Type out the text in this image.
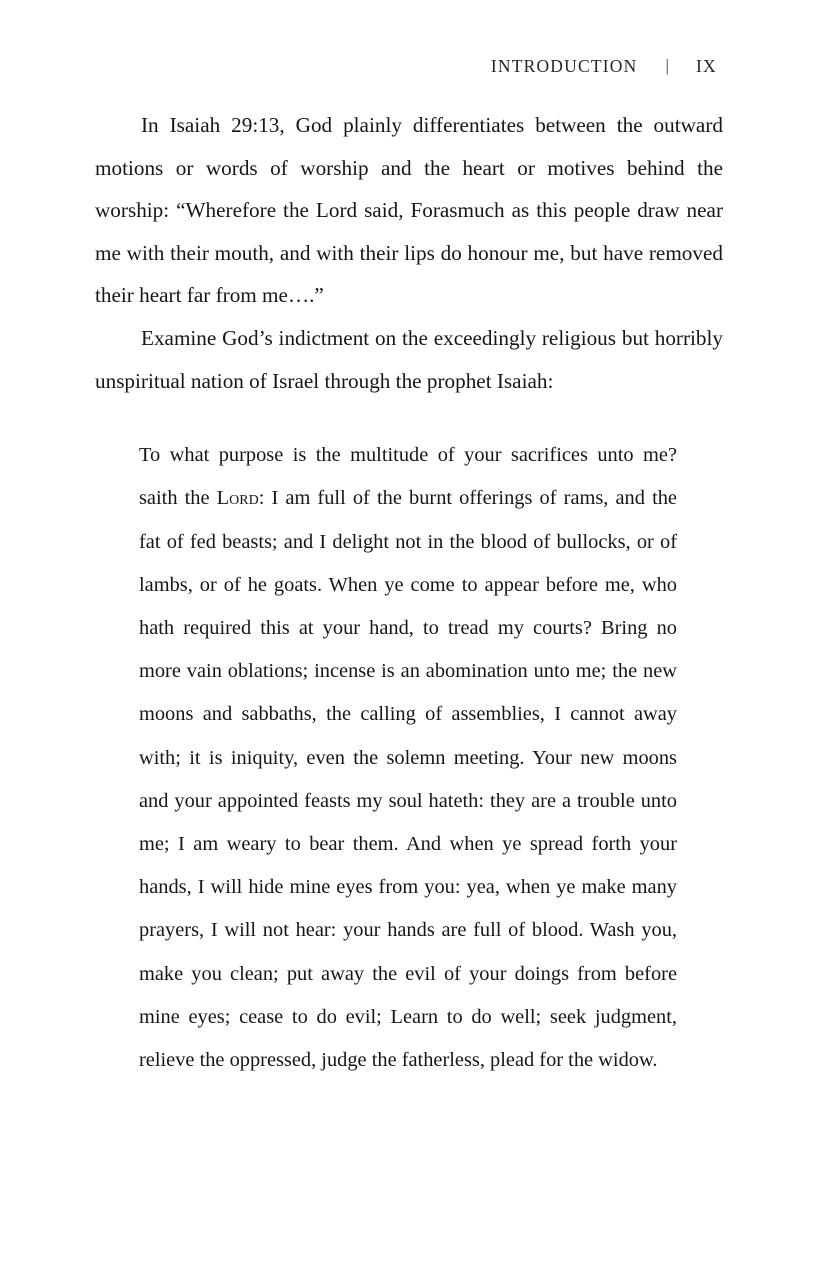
INTRODUCTION | IX

In Isaiah 29:13, God plainly differentiates between the outward motions or words of worship and the heart or motives behind the worship: “Wherefore the Lord said, Forasmuch as this people draw near me with their mouth, and with their lips do honour me, but have removed their heart far from me….”

Examine God’s indictment on the exceedingly religious but horribly unspiritual nation of Israel through the prophet Isaiah:

To what purpose is the multitude of your sacrifices unto me? saith the Lord: I am full of the burnt offerings of rams, and the fat of fed beasts; and I delight not in the blood of bullocks, or of lambs, or of he goats. When ye come to appear before me, who hath required this at your hand, to tread my courts? Bring no more vain oblations; incense is an abomination unto me; the new moons and sabbaths, the calling of assemblies, I cannot away with; it is iniquity, even the solemn meeting. Your new moons and your appointed feasts my soul hateth: they are a trouble unto me; I am weary to bear them. And when ye spread forth your hands, I will hide mine eyes from you: yea, when ye make many prayers, I will not hear: your hands are full of blood. Wash you, make you clean; put away the evil of your doings from before mine eyes; cease to do evil; Learn to do well; seek judgment, relieve the oppressed, judge the fatherless, plead for the widow.
